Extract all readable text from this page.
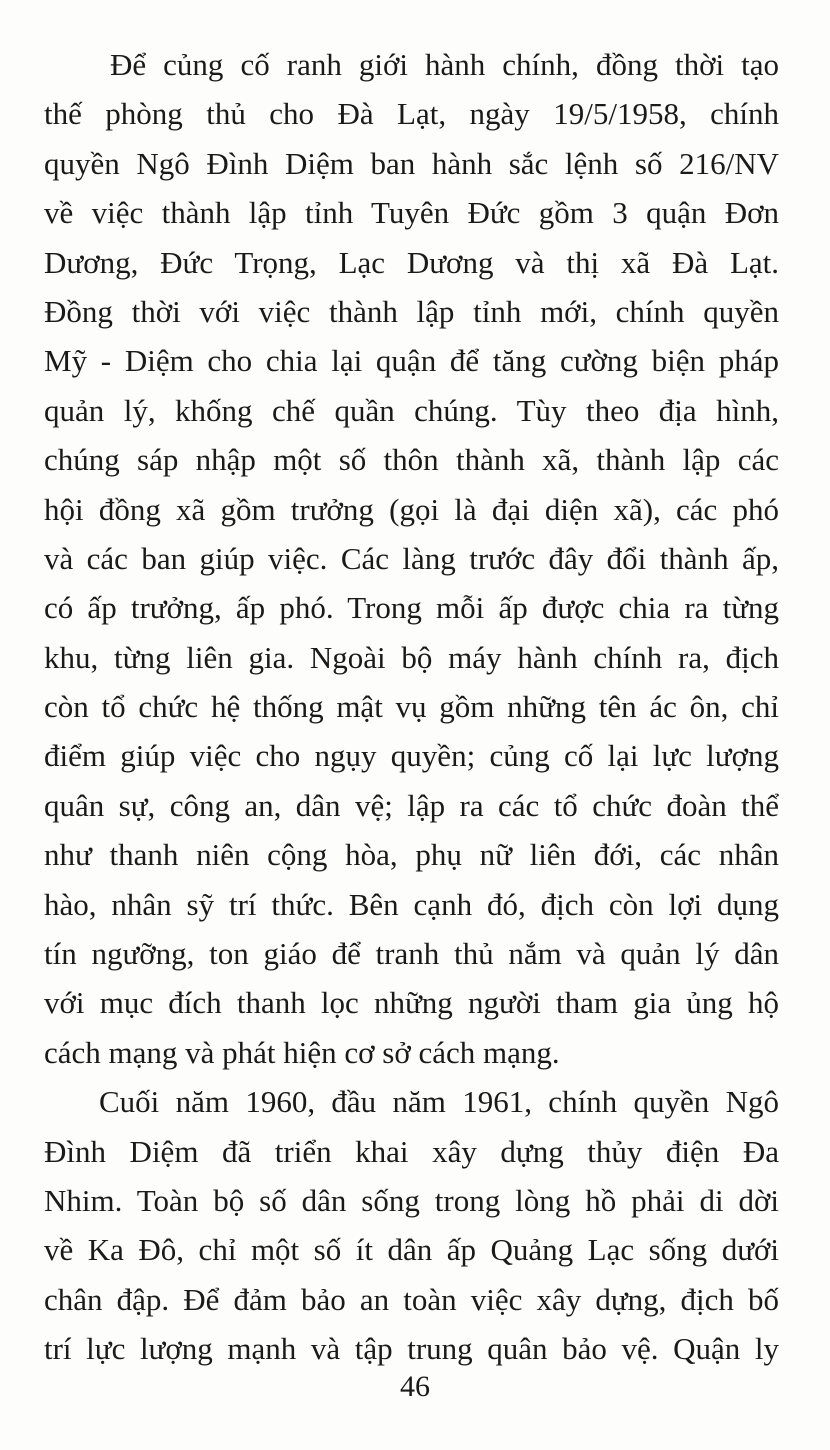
Để củng cố ranh giới hành chính, đồng thời tạo
thế phòng thủ cho Đà Lạt, ngày 19/5/1958, chính
quyền Ngô Đình Diệm ban hành sắc lệnh số 216/NV
về việc thành lập tỉnh Tuyên Đức gồm 3 quận Đơn
Dương, Đức Trọng, Lạc Dương và thị xã Đà Lạt.
Đồng thời với việc thành lập tỉnh mới, chính quyền
Mỹ - Diệm cho chia lại quận để tăng cường biện pháp
quản lý, khống chế quần chúng. Tùy theo địa hình,
chúng sáp nhập một số thôn thành xã, thành lập các
hội đồng xã gồm trưởng (gọi là đại diện xã), các phó
và các ban giúp việc. Các làng trước đây đổi thành ấp,
có ấp trưởng, ấp phó. Trong mỗi ấp được chia ra từng
khu, từng liên gia. Ngoài bộ máy hành chính ra, địch
còn tổ chức hệ thống mật vụ gồm những tên ác ôn, chỉ
điểm giúp việc cho ngụy quyền; củng cố lại lực lượng
quân sự, công an, dân vệ; lập ra các tổ chức đoàn thể
như thanh niên cộng hòa, phụ nữ liên đới, các nhân
hào, nhân sỹ trí thức. Bên cạnh đó, địch còn lợi dụng
tín ngưỡng, ton giáo để tranh thủ nắm và quản lý dân
với mục đích thanh lọc những người tham gia ủng hộ
cách mạng và phát hiện cơ sở cách mạng.
Cuối năm 1960, đầu năm 1961, chính quyền Ngô
Đình Diệm đã triển khai xây dựng thủy điện Đa
Nhim. Toàn bộ số dân sống trong lòng hồ phải di dời
về Ka Đô, chỉ một số ít dân ấp Quảng Lạc sống dưới
chân đập. Để đảm bảo an toàn việc xây dựng, địch bố
trí lực lượng mạnh và tập trung quân bảo vệ. Quận ly
46
